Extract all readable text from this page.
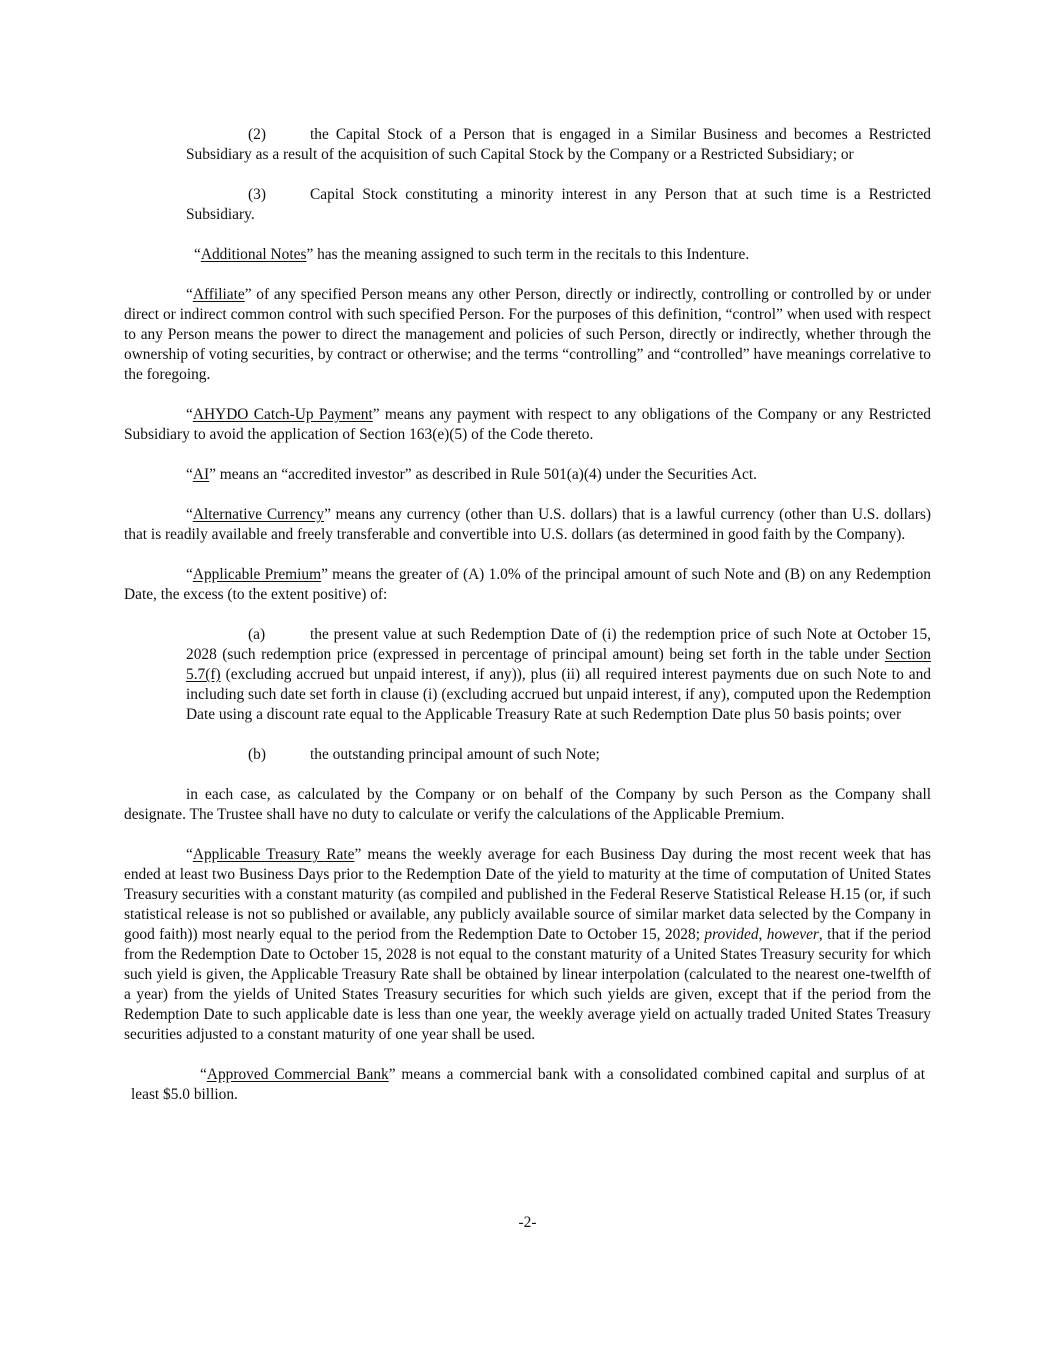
(2)	the Capital Stock of a Person that is engaged in a Similar Business and becomes a Restricted Subsidiary as a result of the acquisition of such Capital Stock by the Company or a Restricted Subsidiary; or

(3)	Capital Stock constituting a minority interest in any Person that at such time is a Restricted Subsidiary.

“Additional Notes” has the meaning assigned to such term in the recitals to this Indenture.

“Affiliate” of any specified Person means any other Person, directly or indirectly, controlling or controlled by or under direct or indirect common control with such specified Person. For the purposes of this definition, “control” when used with respect to any Person means the power to direct the management and policies of such Person, directly or indirectly, whether through the ownership of voting securities, by contract or otherwise; and the terms “controlling” and “controlled” have meanings correlative to the foregoing.

“AHYDO Catch-Up Payment” means any payment with respect to any obligations of the Company or any Restricted Subsidiary to avoid the application of Section 163(e)(5) of the Code thereto.

“AI” means an “accredited investor” as described in Rule 501(a)(4) under the Securities Act.

“Alternative Currency” means any currency (other than U.S. dollars) that is a lawful currency (other than U.S. dollars) that is readily available and freely transferable and convertible into U.S. dollars (as determined in good faith by the Company).

“Applicable Premium” means the greater of (A) 1.0% of the principal amount of such Note and (B) on any Redemption Date, the excess (to the extent positive) of:

(a)	the present value at such Redemption Date of (i) the redemption price of such Note at October 15, 2028 (such redemption price (expressed in percentage of principal amount) being set forth in the table under Section 5.7(f) (excluding accrued but unpaid interest, if any)), plus (ii) all required interest payments due on such Note to and including such date set forth in clause (i) (excluding accrued but unpaid interest, if any), computed upon the Redemption Date using a discount rate equal to the Applicable Treasury Rate at such Redemption Date plus 50 basis points; over

(b)	the outstanding principal amount of such Note;

in each case, as calculated by the Company or on behalf of the Company by such Person as the Company shall designate. The Trustee shall have no duty to calculate or verify the calculations of the Applicable Premium.

“Applicable Treasury Rate” means the weekly average for each Business Day during the most recent week that has ended at least two Business Days prior to the Redemption Date of the yield to maturity at the time of computation of United States Treasury securities with a constant maturity (as compiled and published in the Federal Reserve Statistical Release H.15 (or, if such statistical release is not so published or available, any publicly available source of similar market data selected by the Company in good faith)) most nearly equal to the period from the Redemption Date to October 15, 2028; provided, however, that if the period from the Redemption Date to October 15, 2028 is not equal to the constant maturity of a United States Treasury security for which such yield is given, the Applicable Treasury Rate shall be obtained by linear interpolation (calculated to the nearest one-twelfth of a year) from the yields of United States Treasury securities for which such yields are given, except that if the period from the Redemption Date to such applicable date is less than one year, the weekly average yield on actually traded United States Treasury securities adjusted to a constant maturity of one year shall be used.

“Approved Commercial Bank” means a commercial bank with a consolidated combined capital and surplus of at least $5.0 billion.

-2-
